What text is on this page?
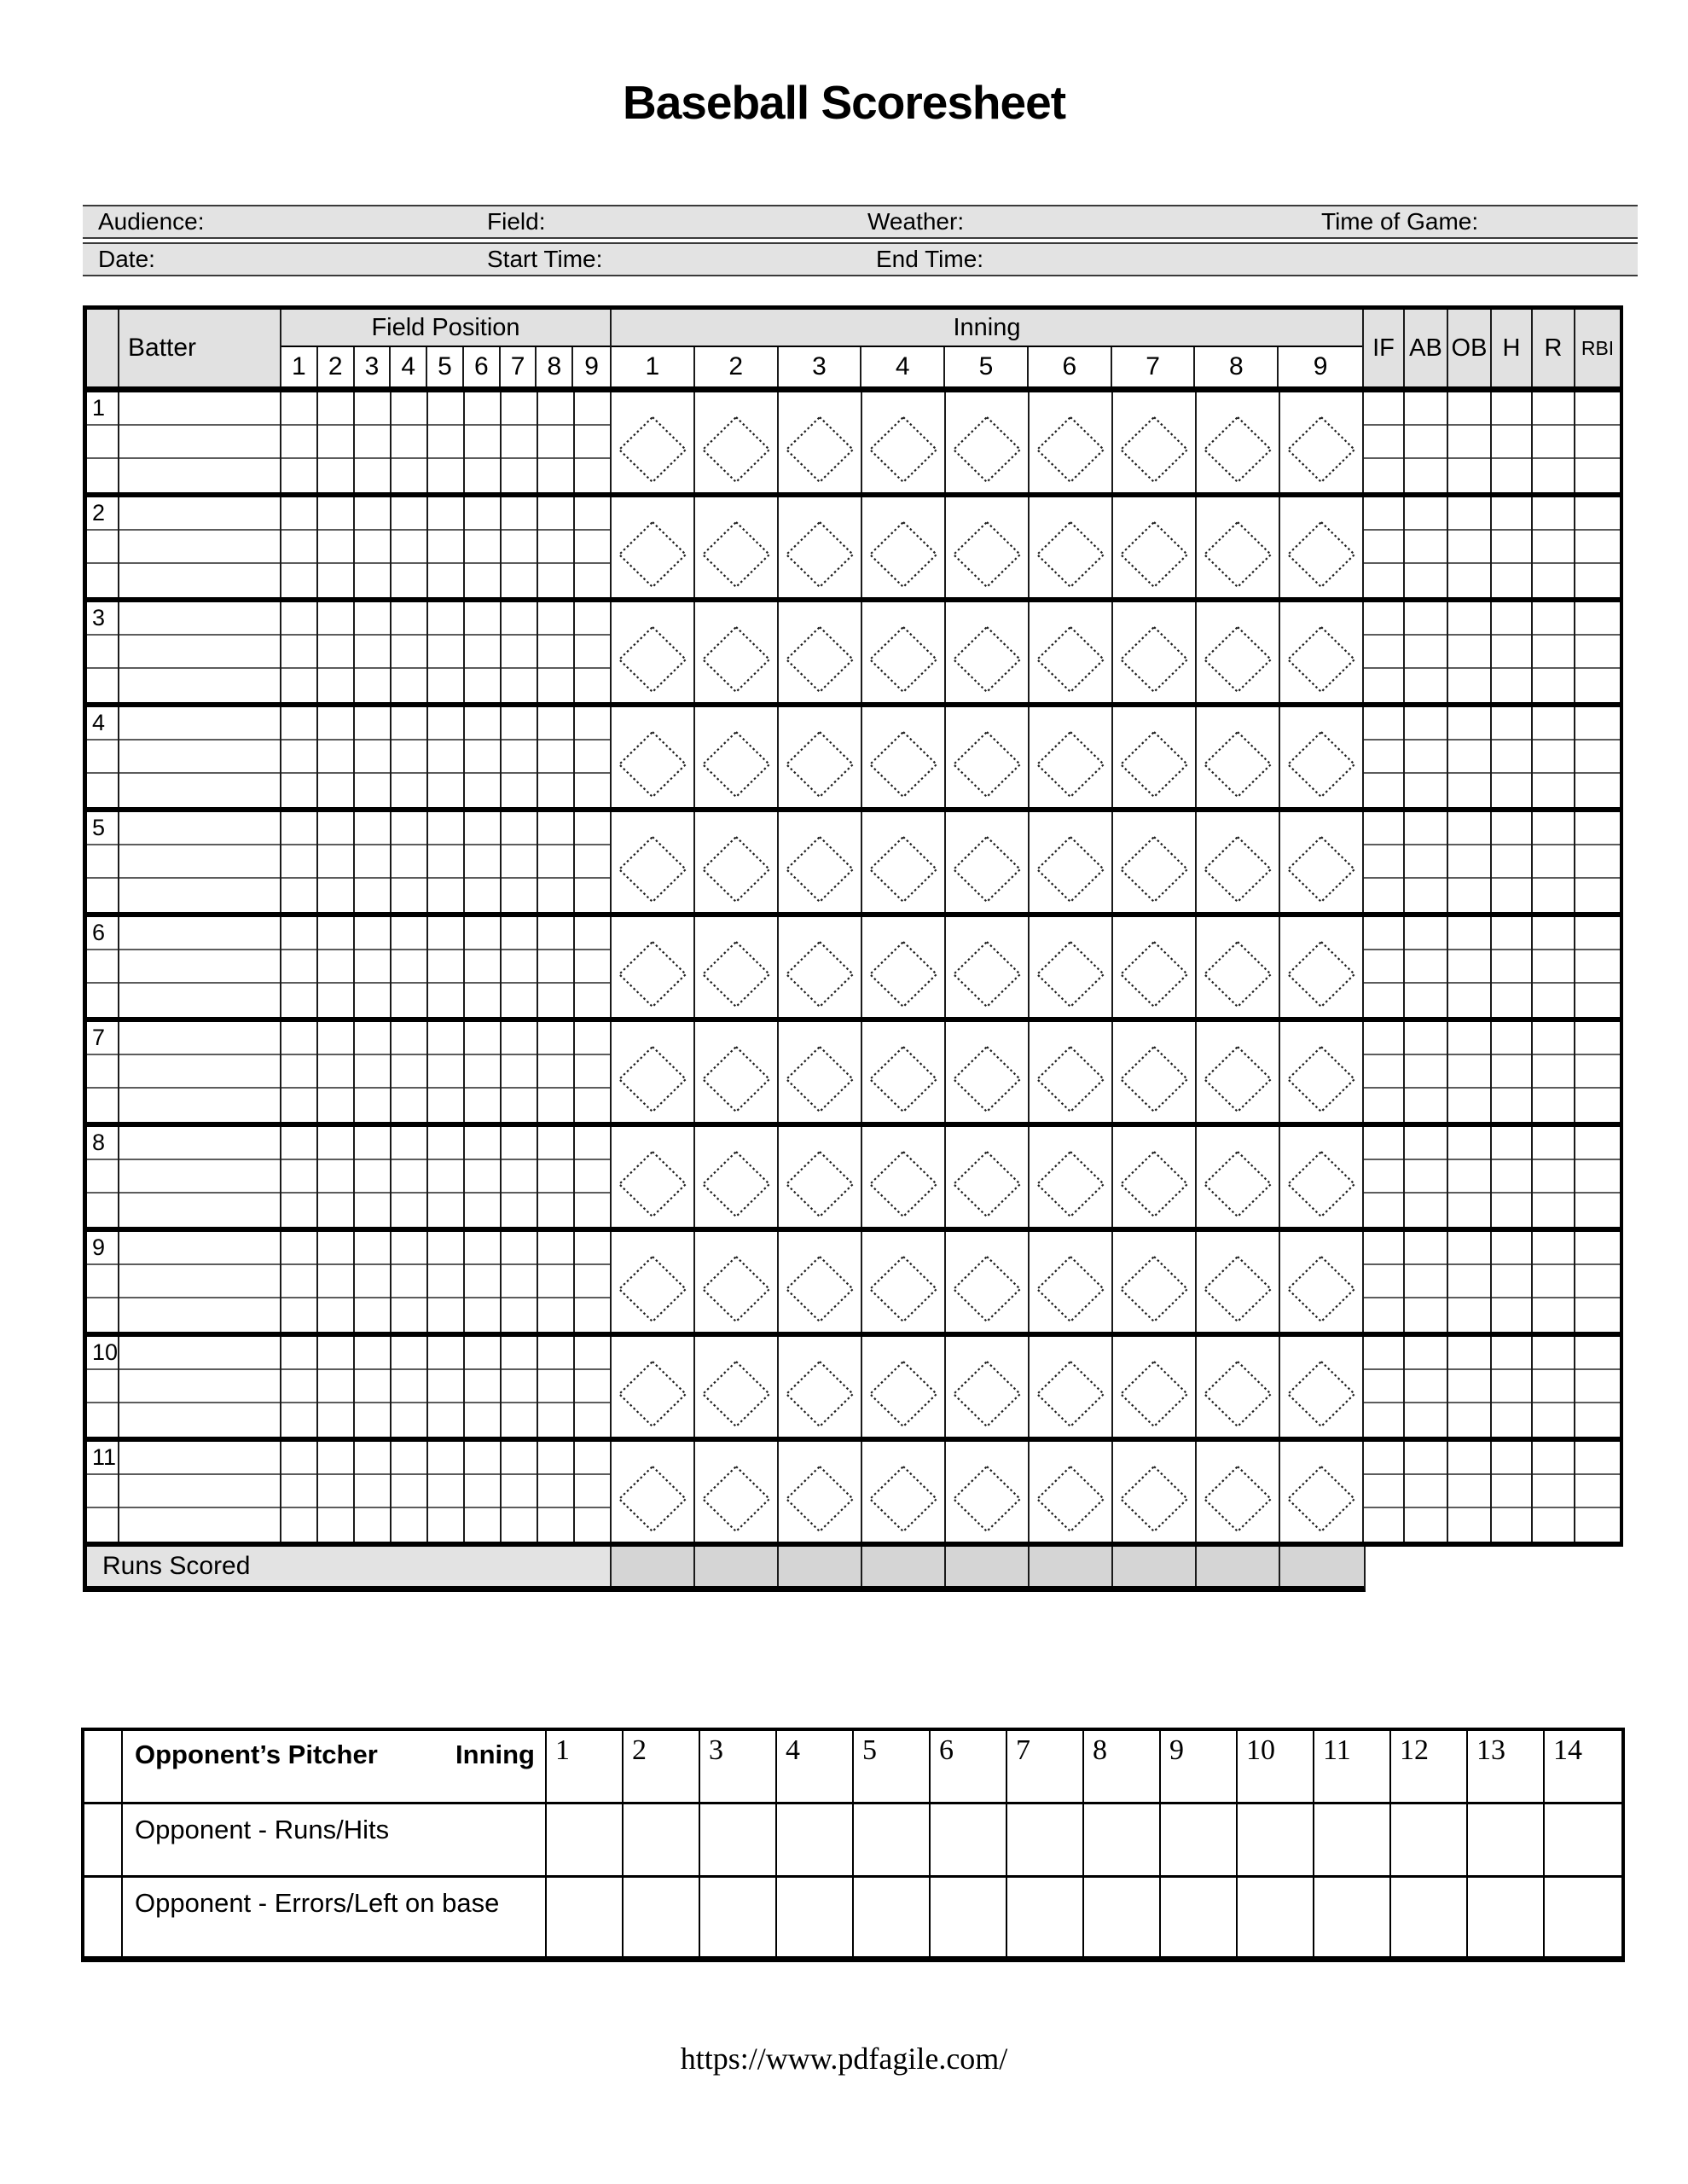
Baseball Scoresheet
Audience:	Field:	Weather:	Time of Game:
Date:	Start Time:	End Time:
Batter
Field Position
1 2 3 4 5 6 7 8 9
Inning
1	2	3	4	5	6	7	8	9
IF AB OB H R RBI
1
2
3
4
5
6
7
8
9
10
11
Runs Scored
Opponent’s Pitcher	Inning 1	2	3	4	5	6	7	8	9	10	11	12	13	14
Opponent - Runs/Hits
Opponent - Errors/Left on base
https://www.pdfagile.com/
